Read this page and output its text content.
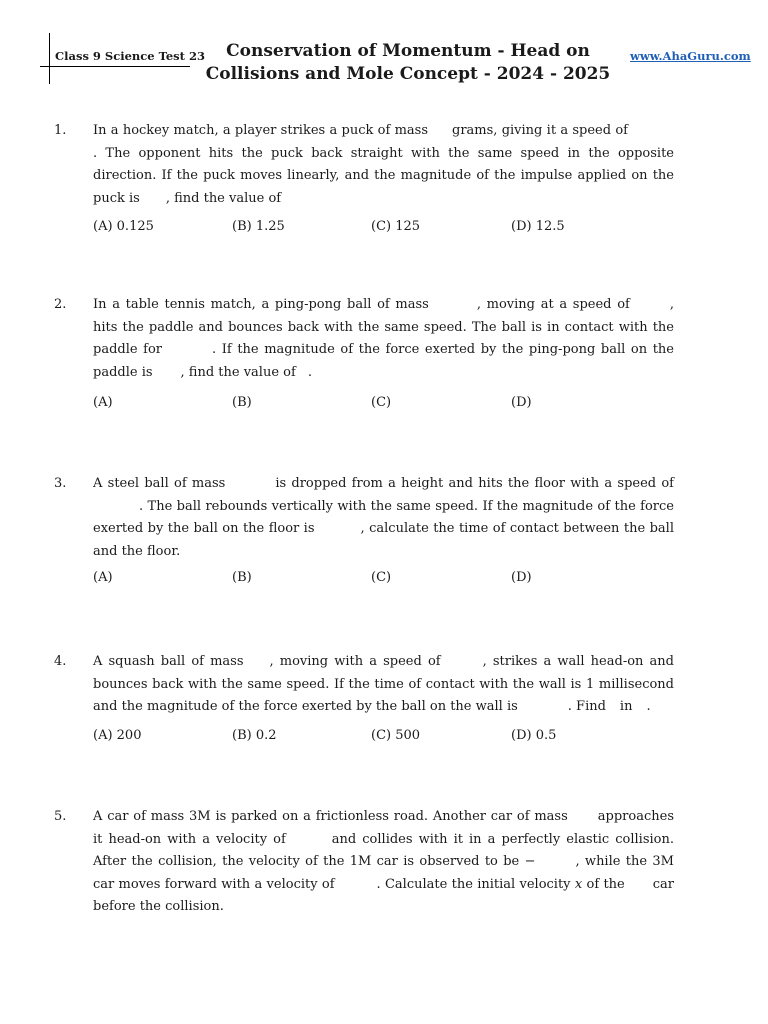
Class 9 Science Test 23	Conservation of Momentum - Head on
Collisions and Mole Concept - 2024 - 2025
www.AhaGuru.com
1. In a hockey match, a player strikes a puck of mass grams, giving it a speed of. The opponent hits the puck back straight with the same speed in the opposite direction. If the puck moves linearly, and the magnitude of the impulse applied on the puck is , find the value of
(A) 0.125	(B) 1.25	(C) 125	(D) 12.5
2. In a table tennis match, a ping-pong ball of mass	, moving at a speed of	, hits the paddle and bounces back with the same speed. The ball is in contact with the paddle for	. If the magnitude of the force exerted by the ping-pong ball on the paddle is , find the value of .
(A)	(B)	(C)	(D)
3. A steel ball of mass	is dropped from a height and hits the floor with a speed of. The ball rebounds vertically with the same speed. If the magnitude of the force exerted by the ball on the floor is	, calculate the time of contact between the ball and the floor.
(A)	(B)	(C)	(D)
4. A squash ball of mass , moving with a speed of	, strikes a wall head-on and bounces back with the same speed. If the time of contact with the wall is 1 millisecond and the magnitude of the force exerted by the ball on the wall is	. Find in .
(A) 200	(B) 0.2	(C) 500	(D) 0.5
5. A car of mass 3M is parked on a frictionless road. Another car of mass approaches it head-on with a velocity of	and collides with it in a perfectly elastic collision. After the collision, the velocity of the 1M car is observed to be −	, while the 3M car moves forward with a velocity of	. Calculate the initial velocity x of the car before the collision.
